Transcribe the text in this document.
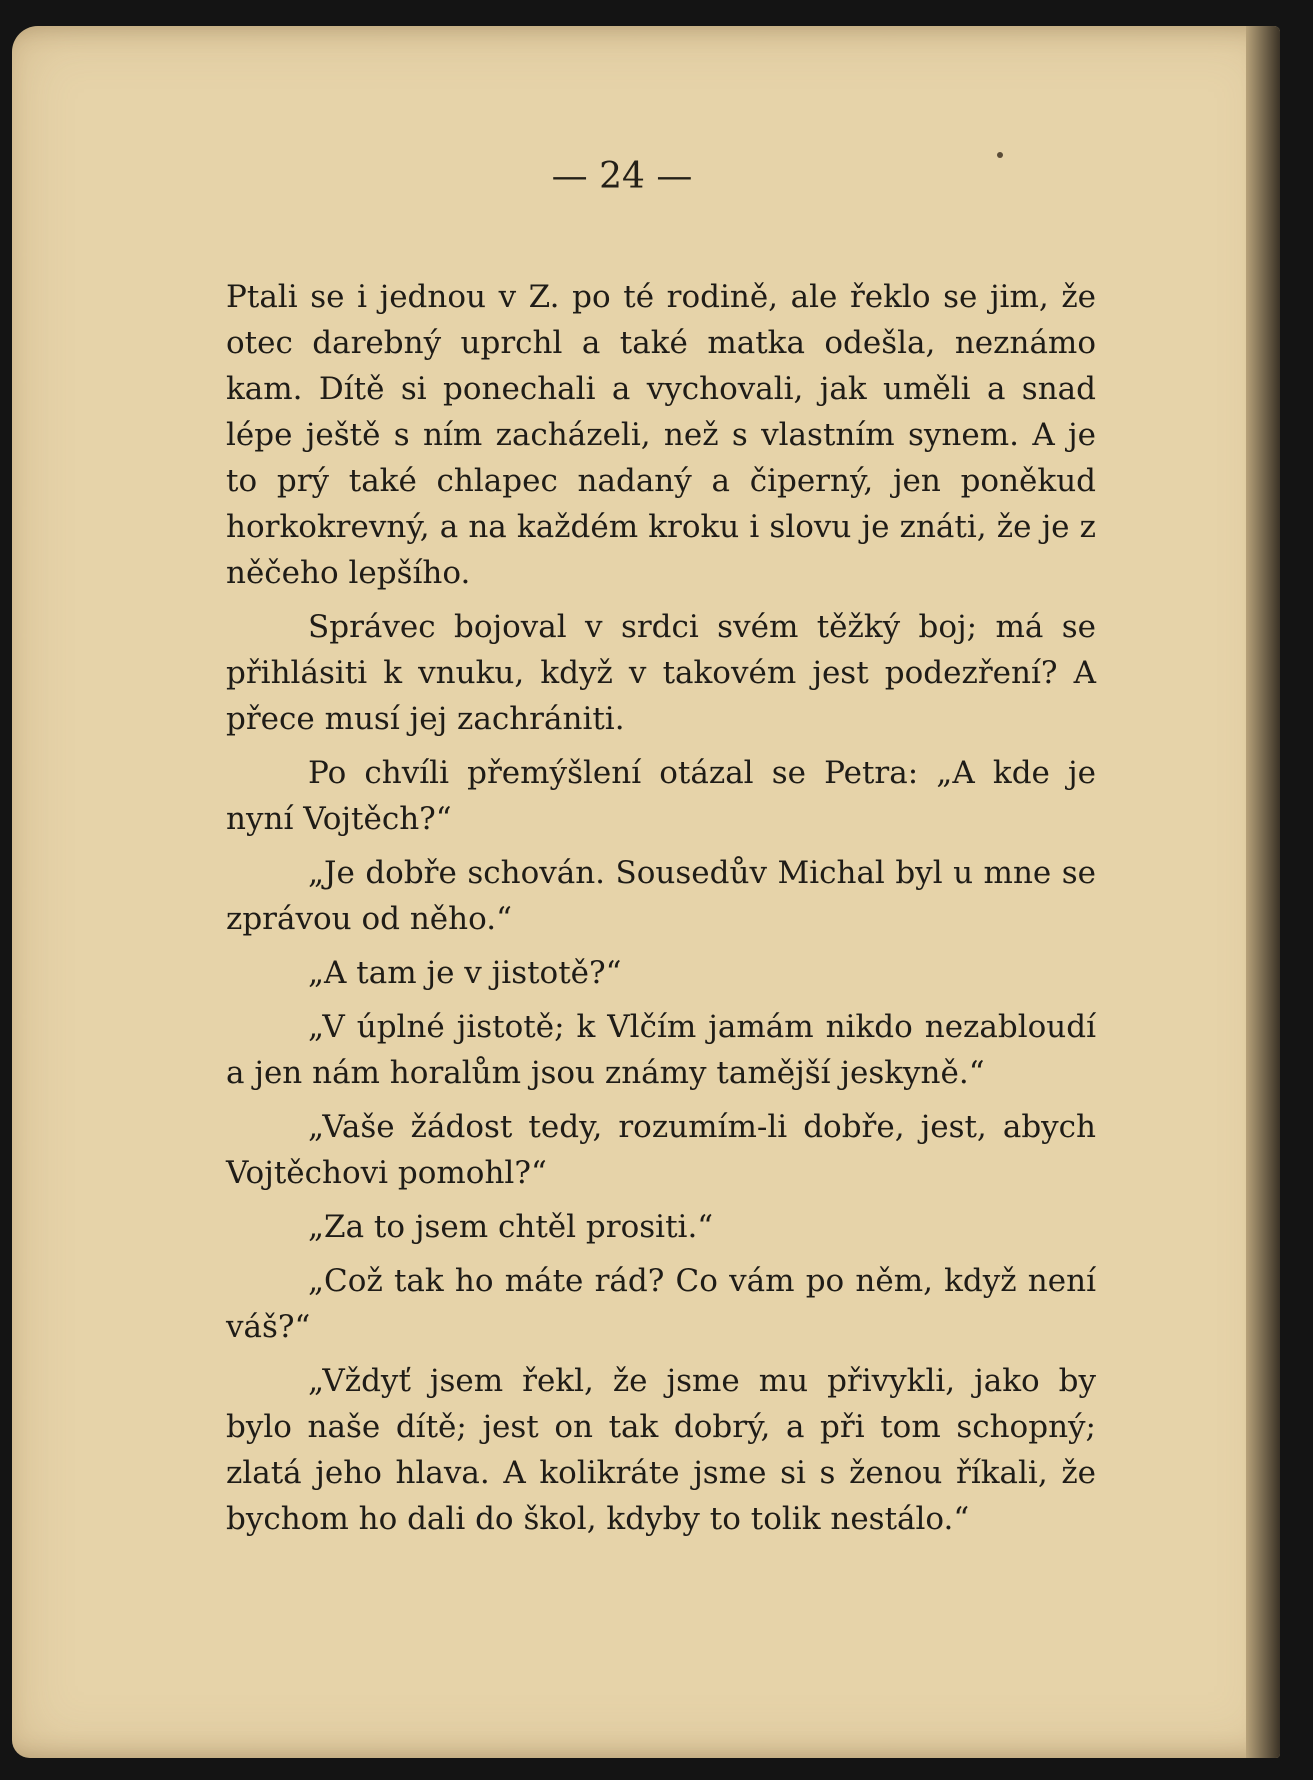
— 24 —

Ptali se i jednou v Z. po té rodině, ale řeklo se jim, že otec darebný uprchl a také matka odešla, neznámo kam. Dítě si ponechali a vychovali, jak uměli a snad lépe ještě s ním zacházeli, než s vlastním synem. A je to prý také chlapec nadaný a čiperný, jen poněkud horkokrevný, a na každém kroku i slovu je znáti, že je z něčeho lepšího.

Správec bojoval v srdci svém těžký boj; má se přihlásiti k vnuku, když v takovém jest podezření? A přece musí jej zachrániti.

Po chvíli přemýšlení otázal se Petra: „A kde je nyní Vojtěch?“

„Je dobře schován. Sousedův Michal byl u mne se zprávou od něho.“

„A tam je v jistotě?“

„V úplné jistotě; k Vlčím jamám nikdo nezabloudí a jen nám horalům jsou známy tamější jeskyně.“

„Vaše žádost tedy, rozumím-li dobře, jest, abych Vojtěchovi pomohl?“

„Za to jsem chtěl prositi.“

„Což tak ho máte rád? Co vám po něm, když není váš?“

„Vždyť jsem řekl, že jsme mu přivykli, jako by bylo naše dítě; jest on tak dobrý, a při tom schopný; zlatá jeho hlava. A kolikráte jsme si s ženou říkali, že bychom ho dali do škol, kdyby to tolik nestálo.“
